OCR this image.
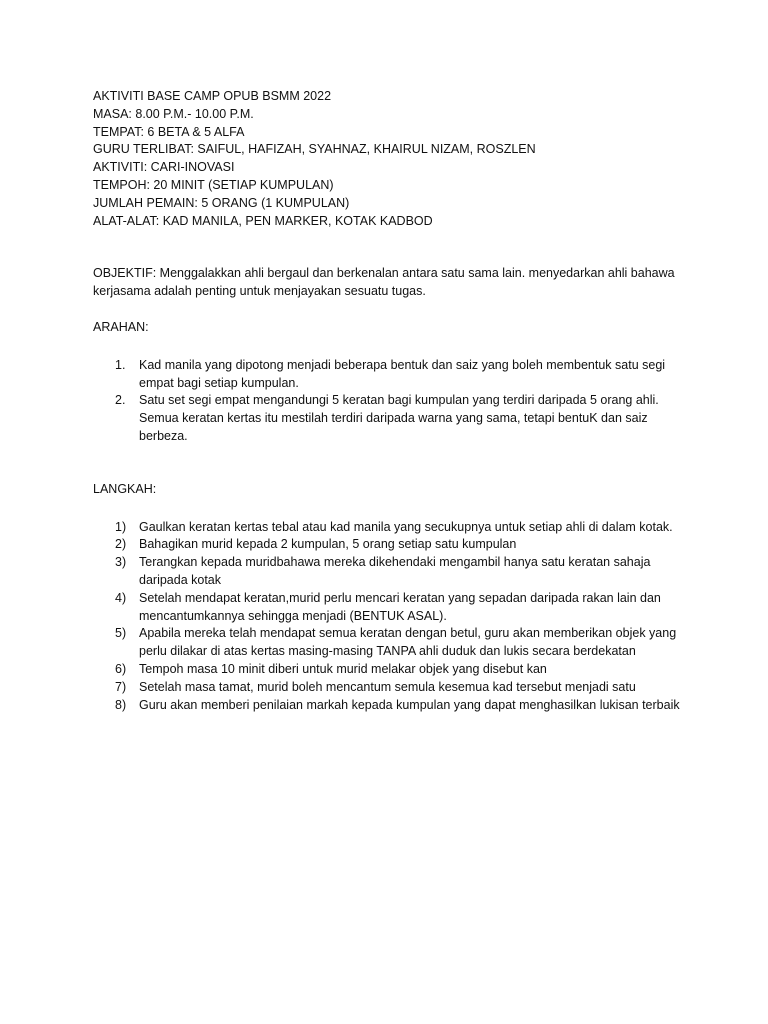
AKTIVITI BASE CAMP OPUB BSMM 2022

MASA: 8.00 P.M.- 10.00 P.M.

TEMPAT: 6 BETA & 5 ALFA

GURU TERLIBAT: SAIFUL, HAFIZAH, SYAHNAZ, KHAIRUL NIZAM, ROSZLEN

AKTIVITI: CARI-INOVASI

TEMPOH: 20 MINIT (SETIAP KUMPULAN)

JUMLAH PEMAIN: 5 ORANG (1 KUMPULAN)

ALAT-ALAT: KAD MANILA, PEN MARKER, KOTAK KADBOD

OBJEKTIF: Menggalakkan ahli bergaul dan berkenalan antara satu sama lain. menyedarkan ahli bahawa kerjasama adalah penting untuk menjayakan sesuatu tugas.

ARAHAN:

1. Kad manila yang dipotong menjadi beberapa bentuk dan saiz yang boleh membentuk satu segi empat bagi setiap kumpulan.
2. Satu set segi empat mengandungi 5 keratan bagi kumpulan yang terdiri daripada 5 orang ahli. Semua keratan kertas itu mestilah terdiri daripada warna yang sama, tetapi bentuK dan saiz berbeza.

LANGKAH:

1) Gaulkan keratan kertas tebal atau kad manila yang secukupnya untuk setiap ahli di dalam kotak.
2) Bahagikan murid kepada 2 kumpulan, 5 orang setiap satu kumpulan
3) Terangkan kepada muridbahawa mereka dikehendaki mengambil hanya satu keratan sahaja daripada kotak
4) Setelah mendapat keratan,murid perlu mencari keratan yang sepadan daripada rakan lain dan mencantumkannya sehingga menjadi (BENTUK ASAL).
5) Apabila mereka telah mendapat semua keratan dengan betul, guru akan memberikan objek yang perlu dilakar di atas kertas masing-masing TANPA ahli duduk dan lukis secara berdekatan
6) Tempoh masa 10 minit diberi untuk murid melakar objek yang disebut kan
7) Setelah masa tamat, murid boleh mencantum semula kesemua kad tersebut menjadi satu
8) Guru akan memberi penilaian markah kepada kumpulan yang dapat menghasilkan lukisan terbaik
